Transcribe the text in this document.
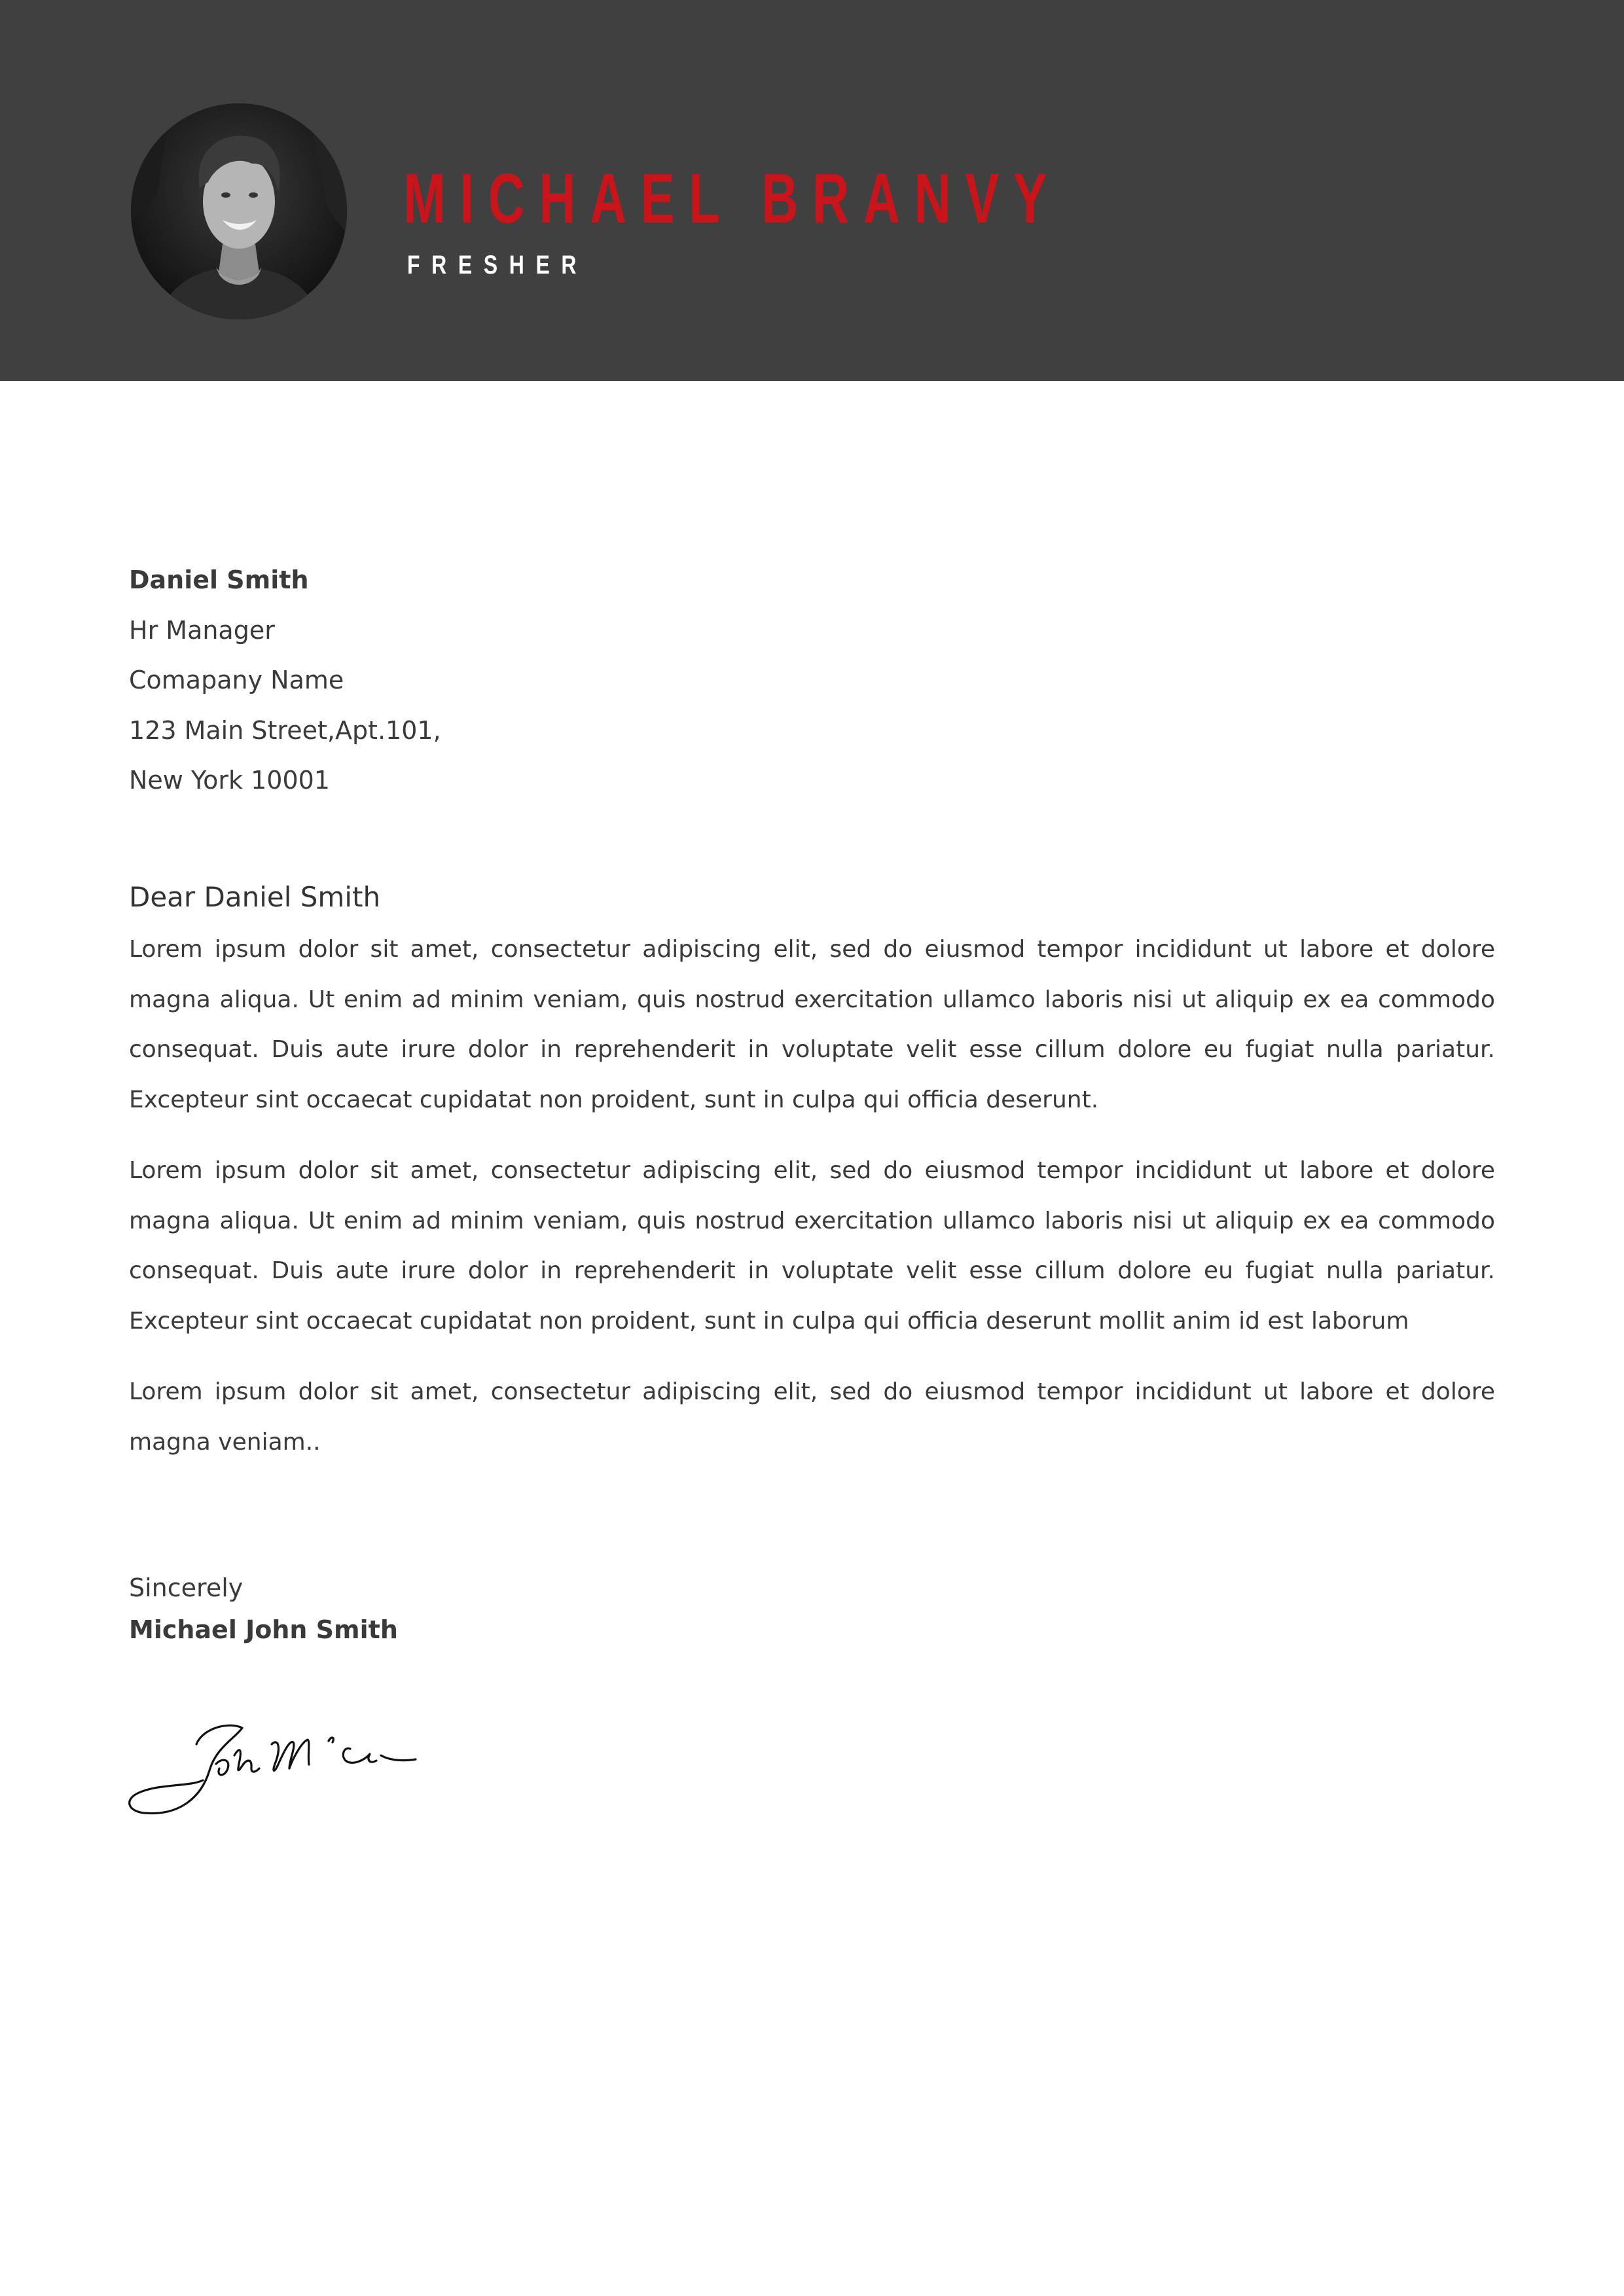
MICHAEL BRANVY
FRESHER
Daniel Smith
Hr Manager
Comapany Name
123 Main Street,Apt.101,
New York 10001
Dear Daniel Smith

Lorem ipsum dolor sit amet, consectetur adipiscing elit, sed do eiusmod tempor incididunt ut labore et dolore magna aliqua. Ut enim ad minim veniam, quis nostrud exercitation ullamco laboris nisi ut aliquip ex ea commodo consequat. Duis aute irure dolor in reprehenderit in voluptate velit esse cillum dolore eu fugiat nulla pariatur. Excepteur sint occaecat cupidatat non proident, sunt in culpa qui officia deserunt.

Lorem ipsum dolor sit amet, consectetur adipiscing elit, sed do eiusmod tempor incididunt ut labore et dolore magna aliqua. Ut enim ad minim veniam, quis nostrud exercitation ullamco laboris nisi ut aliquip ex ea commodo consequat. Duis aute irure dolor in reprehenderit in voluptate velit esse cillum dolore eu fugiat nulla pariatur. Excepteur sint occaecat cupidatat non proident, sunt in culpa qui officia deserunt mollit anim id est laborum

Lorem ipsum dolor sit amet, consectetur adipiscing elit, sed do eiusmod tempor incididunt ut labore et dolore magna veniam..

Sincerely
Michael John Smith
